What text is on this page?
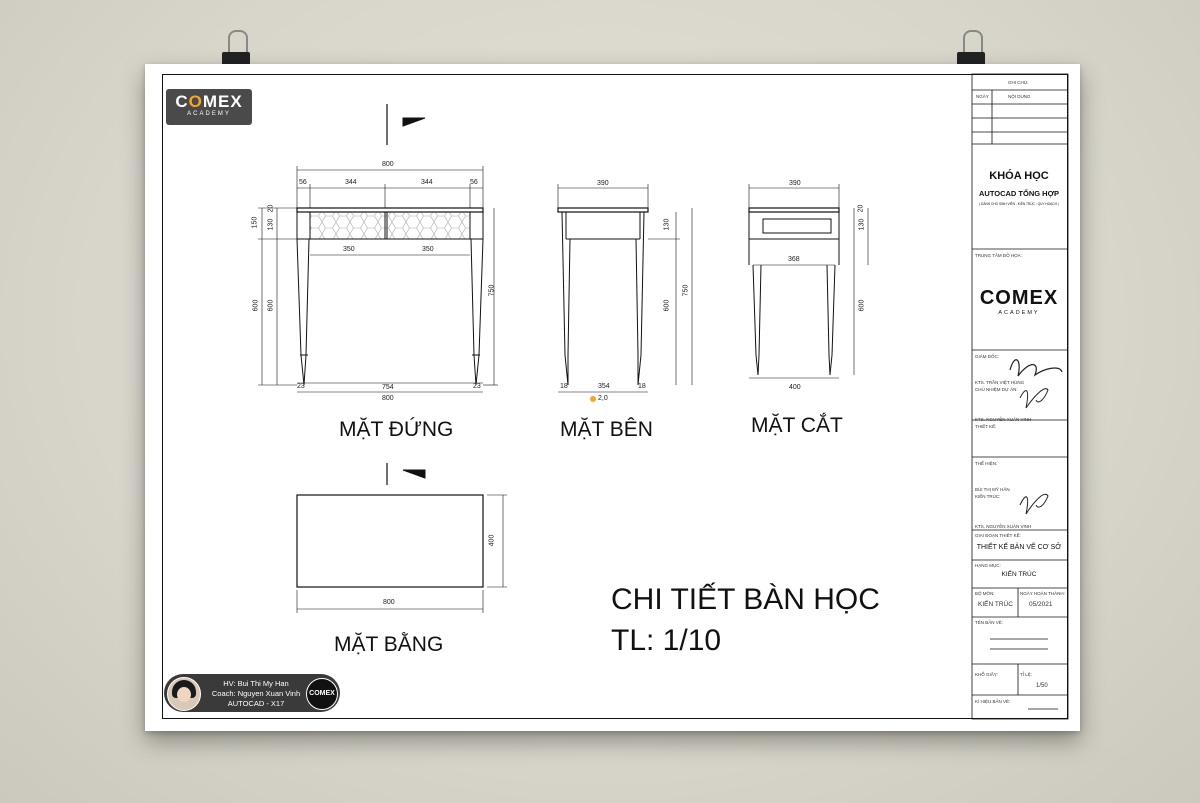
COMEX
ACADEMY
800
56	344	344	56
350	350
754
800
23	23
150 130
20
600 600
750
390
354
130
600
750
18	18
2,0
390
368
400
130
20
600
800
400
MẶT ĐỨNG	MẶT BÊN	MẶT CẮT
MẶT BẰNG
CHI TIẾT BÀN HỌC
TL: 1/10
HV: Bui Thi My Han
Coach: Nguyen Xuan Vinh
AUTOCAD - X17
COMEX
GHI CHÚ:
NGÀY	NỘI DUNG
KHÓA HỌC
AUTOCAD TỔNG HỢP
( DÀNH CHO SINH VIÊN - KIẾN TRÚC - QUY HOẠCH )
TRUNG TÂM ĐỒ HỌA:
COMEX
ACADEMY
GIÁM ĐỐC:
KTS. TRẦN VIỆT HÙNG
CHỦ NHIỆM DỰ ÁN:
KTS. NGUYỄN XUÂN VINH
THIẾT KẾ:
THỂ HIỆN:
BÙI THỊ MỸ HÂN
KIẾN TRÚC:
KTS. NGUYỄN XUÂN VINH
GIAI ĐOẠN THIẾT KẾ:
THIẾT KẾ BẢN VẼ CƠ SỞ
HẠNG MỤC:
KIẾN TRÚC
BỘ MÔN:
KIẾN TRÚC
NGÀY HOÀN THÀNH:
05/2021
TÊN BẢN VẼ:
KHỔ GIẤY:	TỈ LỆ:
1/50
KÍ HIỆU BẢN VẼ:
